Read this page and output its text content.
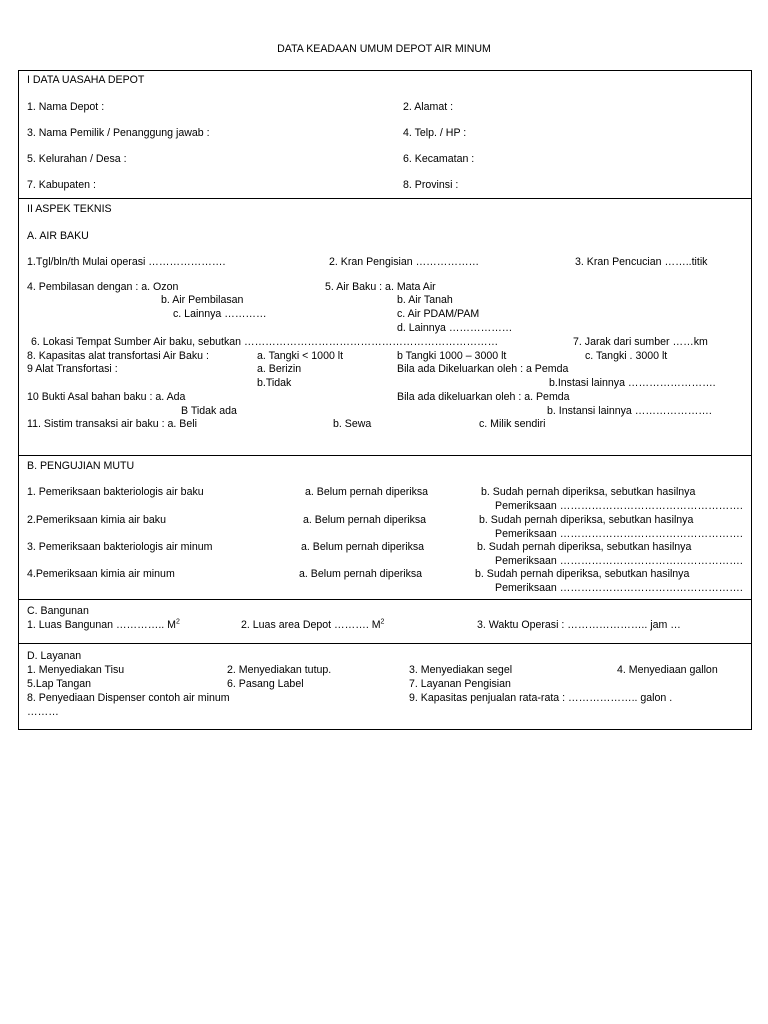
DATA KEADAAN UMUM DEPOT AIR MINUM
I DATA UASAHA DEPOT
1. Nama Depot :	2. Alamat :
3. Nama Pemilik / Penanggung jawab :	4. Telp. / HP :
5. Kelurahan / Desa :	6. Kecamatan :
7. Kabupaten :	8. Provinsi :
II ASPEK TEKNIS
A. AIR BAKU
1.Tgl/bln/th Mulai operasi ………………….	2. Kran Pengisian ………………	3. Kran Pencucian ……..titik
4. Pembilasan dengan : a. Ozon
b. Air Pembilasan
c. Lainnya …………
5. Air Baku : a. Mata Air
b. Air Tanah
c. Air PDAM/PAM
d. Lainnya ………………
6. Lokasi Tempat Sumber Air baku, sebutkan ………………………………………………………………	7. Jarak dari sumber ……km
8. Kapasitas alat transfortasi Air Baku :	a. Tangki < 1000 lt	b Tangki 1000 – 3000 lt	c. Tangki . 3000 lt
9 Alat Transfortasi :	a. Berizin	Bila ada Dikeluarkan oleh : a Pemda
b.Tidak	b.Instasi lainnya …………………….
10 Bukti Asal bahan baku : a. Ada	Bila ada dikeluarkan oleh : a. Pemda
B Tidak ada	b. Instansi lainnya ………………….
11. Sistim transaksi air baku : a. Beli	b. Sewa	c. Milik sendiri
B. PENGUJIAN MUTU
1. Pemeriksaan bakteriologis air baku	a. Belum pernah diperiksa	b. Sudah pernah diperiksa, sebutkan hasilnya
Pemeriksaan …………………………………………….
2.Pemeriksaan kimia air baku	a. Belum pernah diperiksa	b. Sudah pernah diperiksa, sebutkan hasilnya
Pemeriksaan …………………………………………….
3. Pemeriksaan bakteriologis air minum	a. Belum pernah diperiksa	b. Sudah pernah diperiksa, sebutkan hasilnya
Pemeriksaan …………………………………………….
4.Pemeriksaan kimia air minum	a. Belum pernah diperiksa	b. Sudah pernah diperiksa, sebutkan hasilnya
Pemeriksaan …………………………………………….
C. Bangunan
1. Luas Bangunan ………….. $M^2$	2. Luas area Depot ………. $M^2$	3. Waktu Operasi : ………………….. jam …
D. Layanan
1. Menyediakan Tisu	2. Menyediakan tutup.	3. Menyediakan segel	4. Menyediaan gallon
5.Lap Tangan	6. Pasang Label	7. Layanan Pengisian
8. Penyediaan Dispenser contoh air minum	9. Kapasitas penjualan rata-rata : ……………….. galon .
………
